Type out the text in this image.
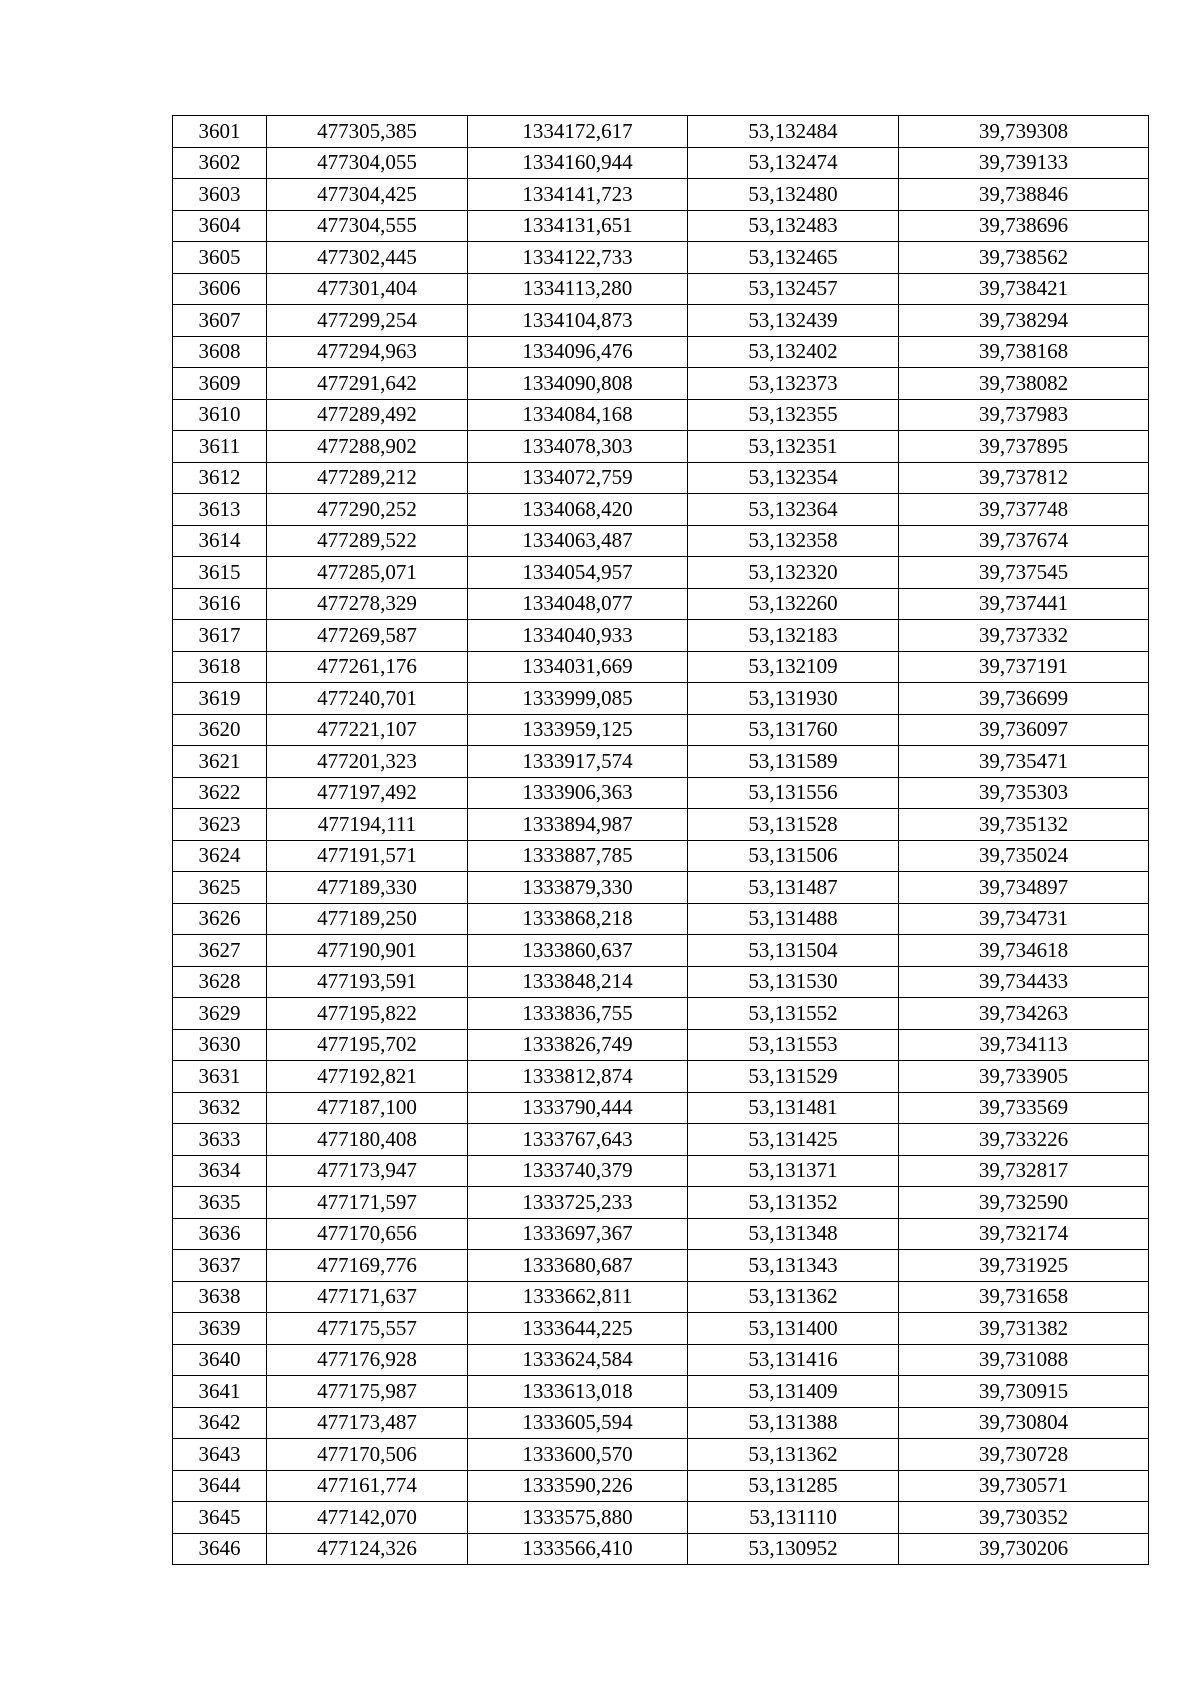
3601	477305,385	1334172,617	53,132484	39,739308
3602	477304,055	1334160,944	53,132474	39,739133
3603	477304,425	1334141,723	53,132480	39,738846
3604	477304,555	1334131,651	53,132483	39,738696
3605	477302,445	1334122,733	53,132465	39,738562
3606	477301,404	1334113,280	53,132457	39,738421
3607	477299,254	1334104,873	53,132439	39,738294
3608	477294,963	1334096,476	53,132402	39,738168
3609	477291,642	1334090,808	53,132373	39,738082
3610	477289,492	1334084,168	53,132355	39,737983
3611	477288,902	1334078,303	53,132351	39,737895
3612	477289,212	1334072,759	53,132354	39,737812
3613	477290,252	1334068,420	53,132364	39,737748
3614	477289,522	1334063,487	53,132358	39,737674
3615	477285,071	1334054,957	53,132320	39,737545
3616	477278,329	1334048,077	53,132260	39,737441
3617	477269,587	1334040,933	53,132183	39,737332
3618	477261,176	1334031,669	53,132109	39,737191
3619	477240,701	1333999,085	53,131930	39,736699
3620	477221,107	1333959,125	53,131760	39,736097
3621	477201,323	1333917,574	53,131589	39,735471
3622	477197,492	1333906,363	53,131556	39,735303
3623	477194,111	1333894,987	53,131528	39,735132
3624	477191,571	1333887,785	53,131506	39,735024
3625	477189,330	1333879,330	53,131487	39,734897
3626	477189,250	1333868,218	53,131488	39,734731
3627	477190,901	1333860,637	53,131504	39,734618
3628	477193,591	1333848,214	53,131530	39,734433
3629	477195,822	1333836,755	53,131552	39,734263
3630	477195,702	1333826,749	53,131553	39,734113
3631	477192,821	1333812,874	53,131529	39,733905
3632	477187,100	1333790,444	53,131481	39,733569
3633	477180,408	1333767,643	53,131425	39,733226
3634	477173,947	1333740,379	53,131371	39,732817
3635	477171,597	1333725,233	53,131352	39,732590
3636	477170,656	1333697,367	53,131348	39,732174
3637	477169,776	1333680,687	53,131343	39,731925
3638	477171,637	1333662,811	53,131362	39,731658
3639	477175,557	1333644,225	53,131400	39,731382
3640	477176,928	1333624,584	53,131416	39,731088
3641	477175,987	1333613,018	53,131409	39,730915
3642	477173,487	1333605,594	53,131388	39,730804
3643	477170,506	1333600,570	53,131362	39,730728
3644	477161,774	1333590,226	53,131285	39,730571
3645	477142,070	1333575,880	53,131110	39,730352
3646	477124,326	1333566,410	53,130952	39,730206
